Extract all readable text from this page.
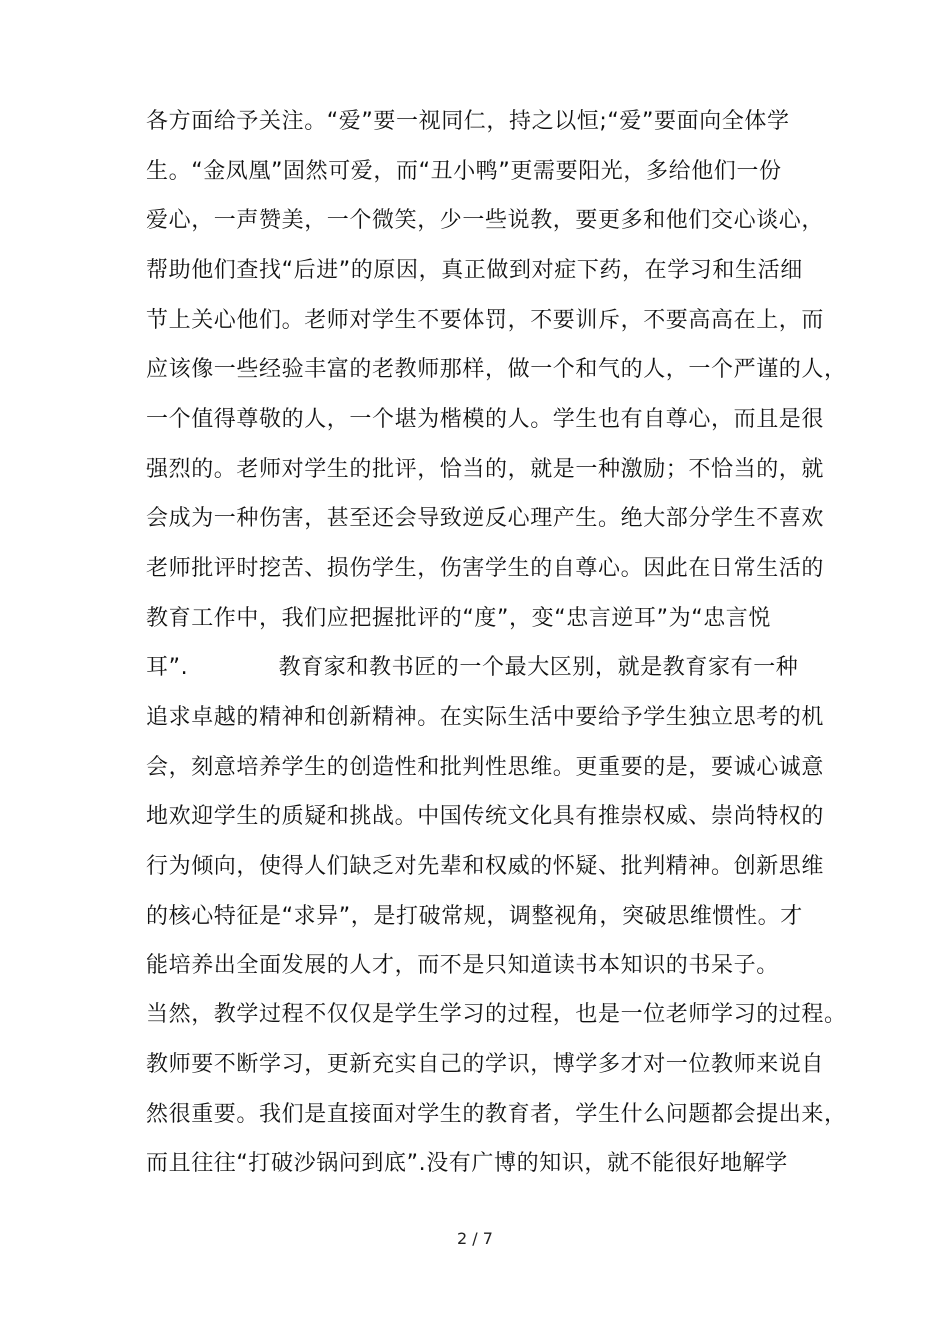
各方面给予关注。“爱”要一视同仁，持之以恒;“爱”要面向全体学
生。“金凤凰”固然可爱，而“丑小鸭”更需要阳光，多给他们一份
爱心，一声赞美，一个微笑，少一些说教，要更多和他们交心谈心，
帮助他们查找“后进”的原因，真正做到对症下药，在学习和生活细
节上关心他们。老师对学生不要体罚，不要训斥，不要高高在上，而
应该像一些经验丰富的老教师那样，做一个和气的人，一个严谨的人，
一个值得尊敬的人，一个堪为楷模的人。学生也有自尊心，而且是很
强烈的。老师对学生的批评，恰当的，就是一种激励；不恰当的，就
会成为一种伤害，甚至还会导致逆反心理产生。绝大部分学生不喜欢
老师批评时挖苦、损伤学生，伤害学生的自尊心。因此在日常生活的
教育工作中，我们应把握批评的“度”，变“忠言逆耳”为“忠言悦
耳”.　　　　教育家和教书匠的一个最大区别，就是教育家有一种
追求卓越的精神和创新精神。在实际生活中要给予学生独立思考的机
会，刻意培养学生的创造性和批判性思维。更重要的是，要诚心诚意
地欢迎学生的质疑和挑战。中国传统文化具有推崇权威、崇尚特权的
行为倾向，使得人们缺乏对先辈和权威的怀疑、批判精神。创新思维
的核心特征是“求异”，是打破常规，调整视角，突破思维惯性。才
能培养出全面发展的人才，而不是只知道读书本知识的书呆子。
当然，教学过程不仅仅是学生学习的过程，也是一位老师学习的过程。
教师要不断学习，更新充实自己的学识，博学多才对一位教师来说自
然很重要。我们是直接面对学生的教育者，学生什么问题都会提出来，
而且往往“打破沙锅问到底”.没有广博的知识，就不能很好地解学
2 / 7
